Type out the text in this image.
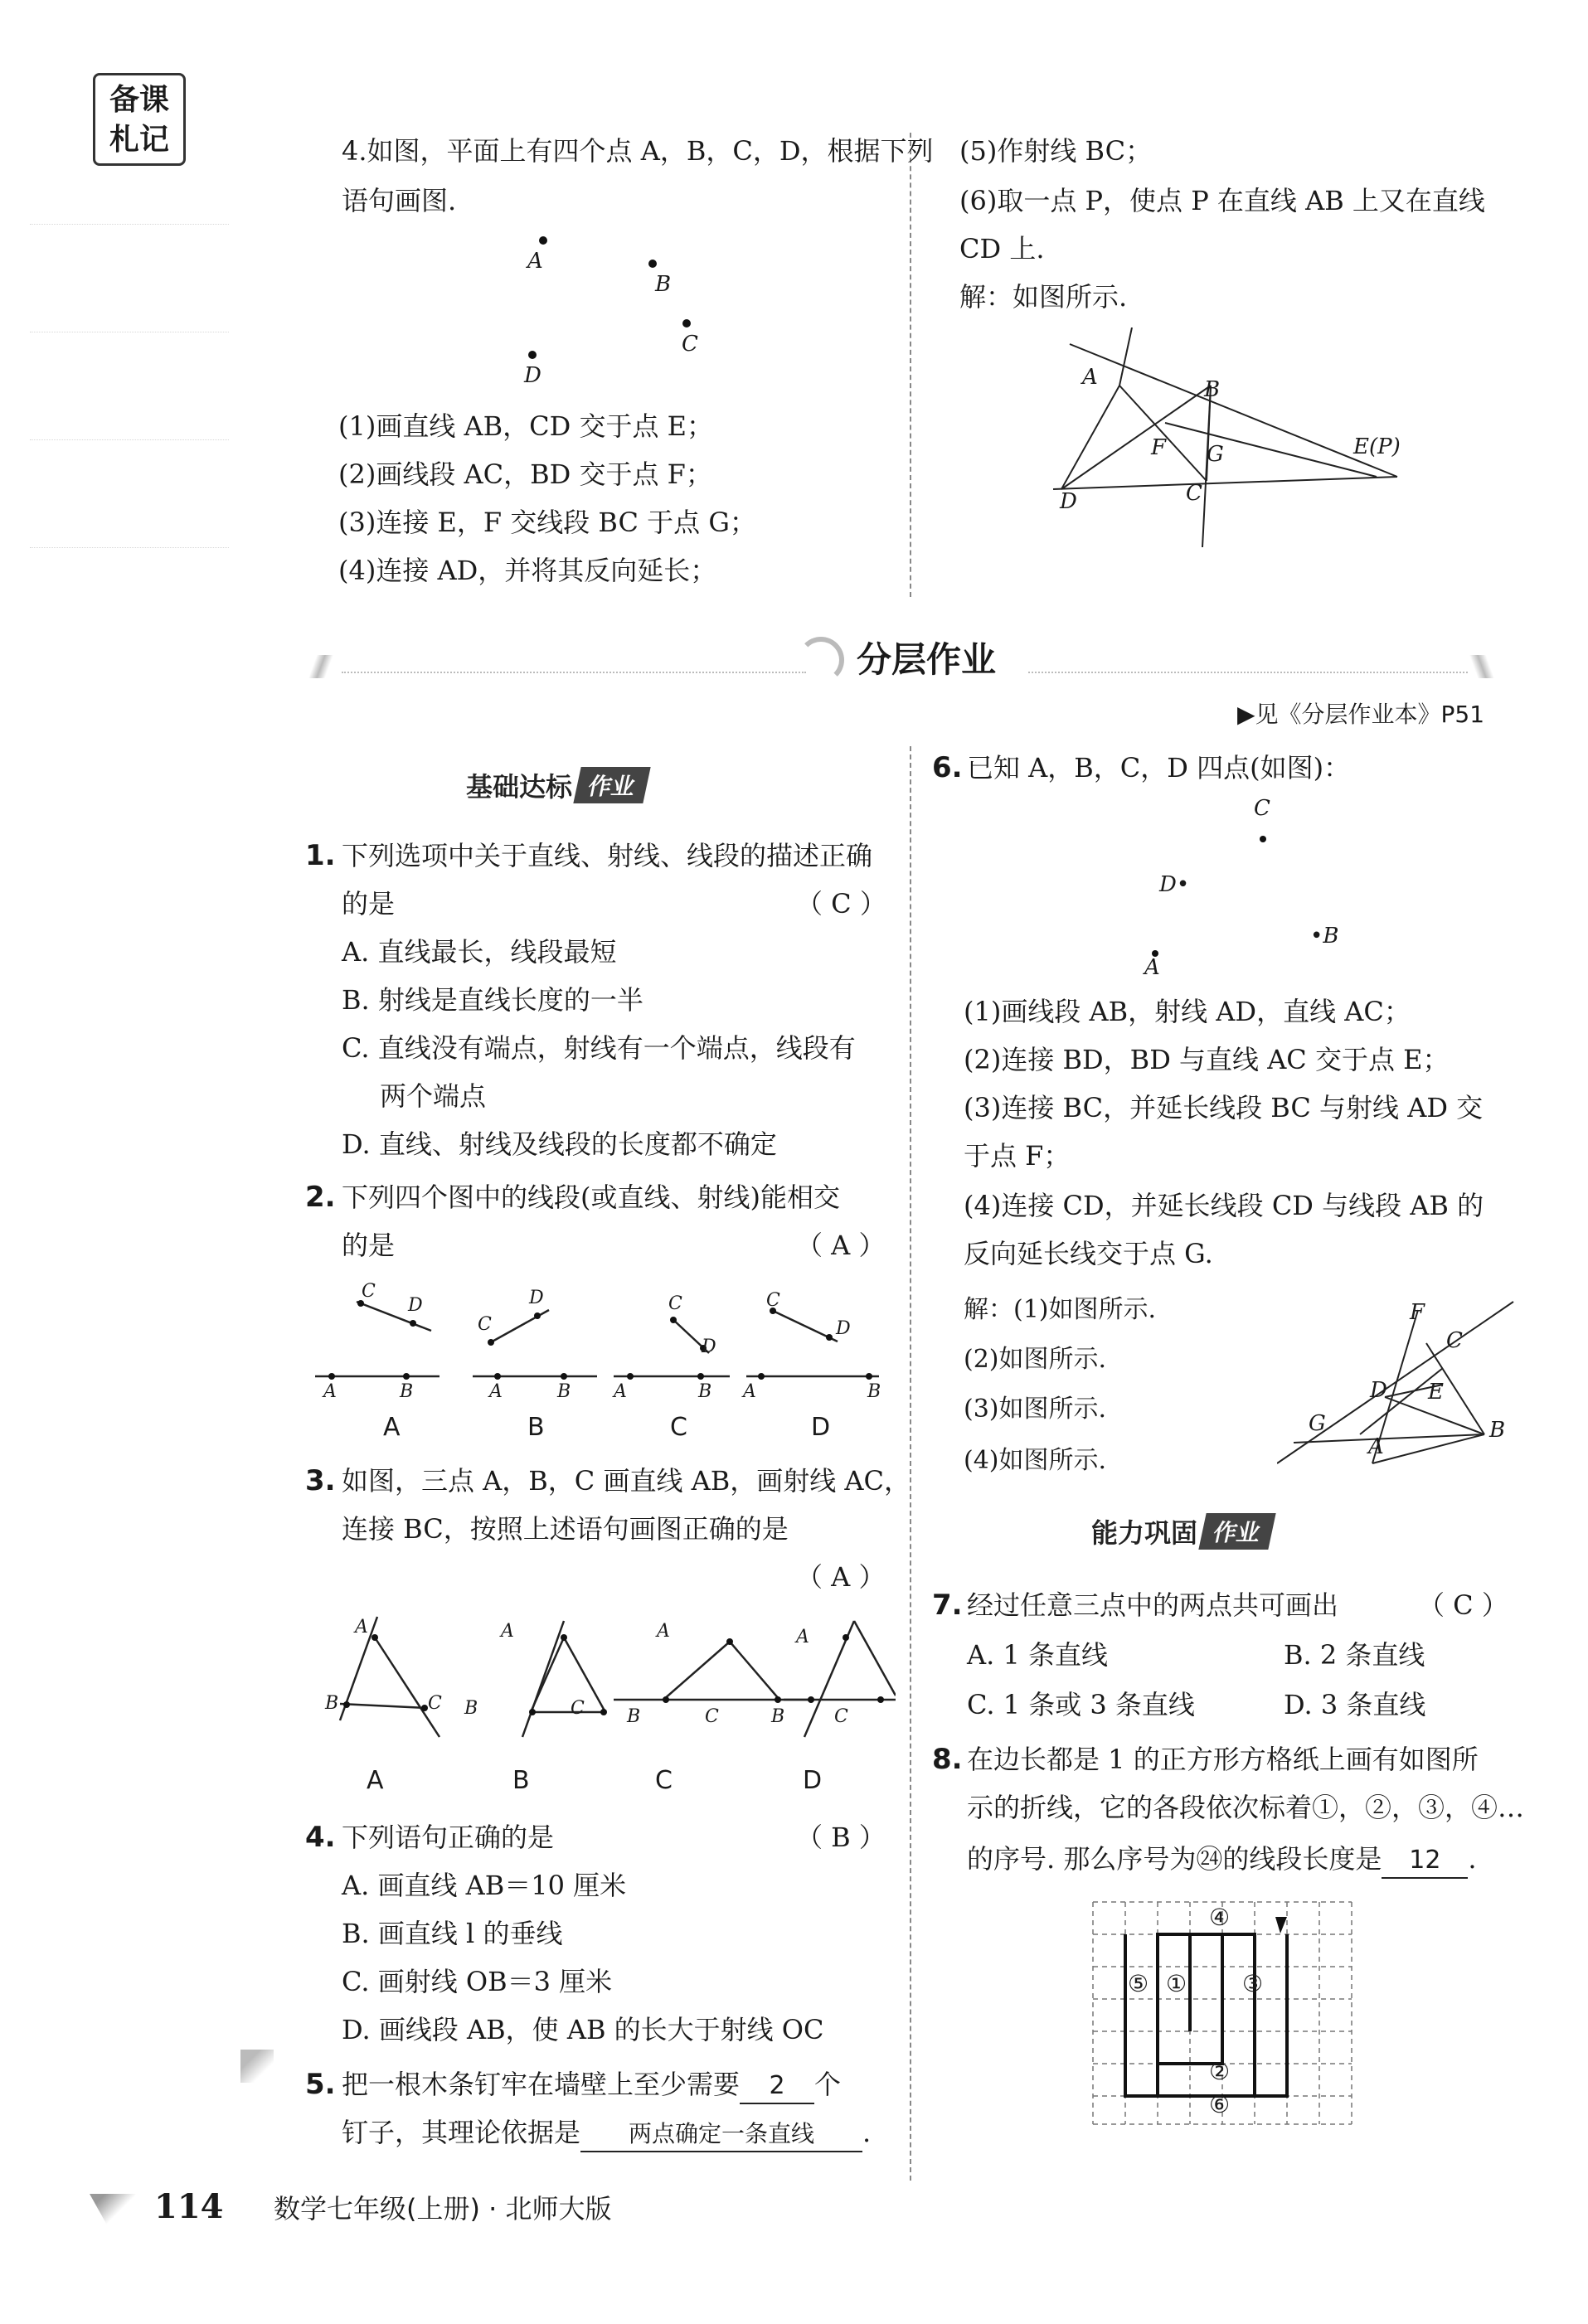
备课
札记	4.如图，平面上有四个点 A，B，C，D，根据下列
语句画图.
A
B
C
D
(1)画直线 AB，CD 交于点 E；
(2)画线段 AC，BD 交于点 F；
(3)连接 E，F 交线段 BC 于点 G；
(4)连接 AD，并将其反向延长；
(5)作射线 BC；
(6)取一点 P，使点 P 在直线 AB 上又在直线
CD 上.
解：如图所示.
A	B
F G	E(P)
D	C
分层作业
▶见《分层作业本》P51
基础达标 作业
1. 下列选项中关于直线、射线、线段的描述正确
的是	（ C ）
A. 直线最长，线段最短
B. 射线是直线长度的一半
C. 直线没有端点，射线有一个端点，线段有
两个端点
D. 直线、射线及线段的长度都不确定
2. 下列四个图中的线段(或直线、射线)能相交
的是	（ A ）
A	B
C
D
A	B
C
D
A	B
C
D
A	B
C
D
A	B	C	D
3. 如图，三点 A，B，C 画直线 AB，画射线 AC，
连接 BC，按照上述语句画图正确的是
（ A ）
A
B	C
A
B	C
A
B	C
A
B	C
A	B	C	D
4. 下列语句正确的是	（ B ）
A. 画直线 AB＝10 厘米
B. 画直线 l 的垂线
C. 画射线 OB＝3 厘米
D. 画线段 AB，使 AB 的长大于射线 OC
5. 把一根木条钉牢在墙壁上至少需要 2 个
钉子，其理论依据是 两点确定一条直线 .
6. 已知 A，B，C，D 四点(如图)：
C
D•
•B
A
(1)画线段 AB，射线 AD，直线 AC；
(2)连接 BD，BD 与直线 AC 交于点 E；
(3)连接 BC，并延长线段 BC 与射线 AD 交
于点 F；
(4)连接 CD，并延长线段 CD 与线段 AB 的
反向延长线交于点 G.
解：(1)如图所示.
(2)如图所示.
(3)如图所示.
(4)如图所示.
F
C
D E
G
A
B
能力巩固 作业
7. 经过任意三点中的两点共可画出	（ C ）
A. 1 条直线	B. 2 条直线
C. 1 条或 3 条直线	D. 3 条直线
8. 在边长都是 1 的正方形方格纸上画有如图所
示的折线，它的各段依次标着①，②，③，④…
的序号. 那么序号为㉔的线段长度是 12 .
④
⑤ ① ③
②
⑥
114 数学七年级(上册) · 北师大版
